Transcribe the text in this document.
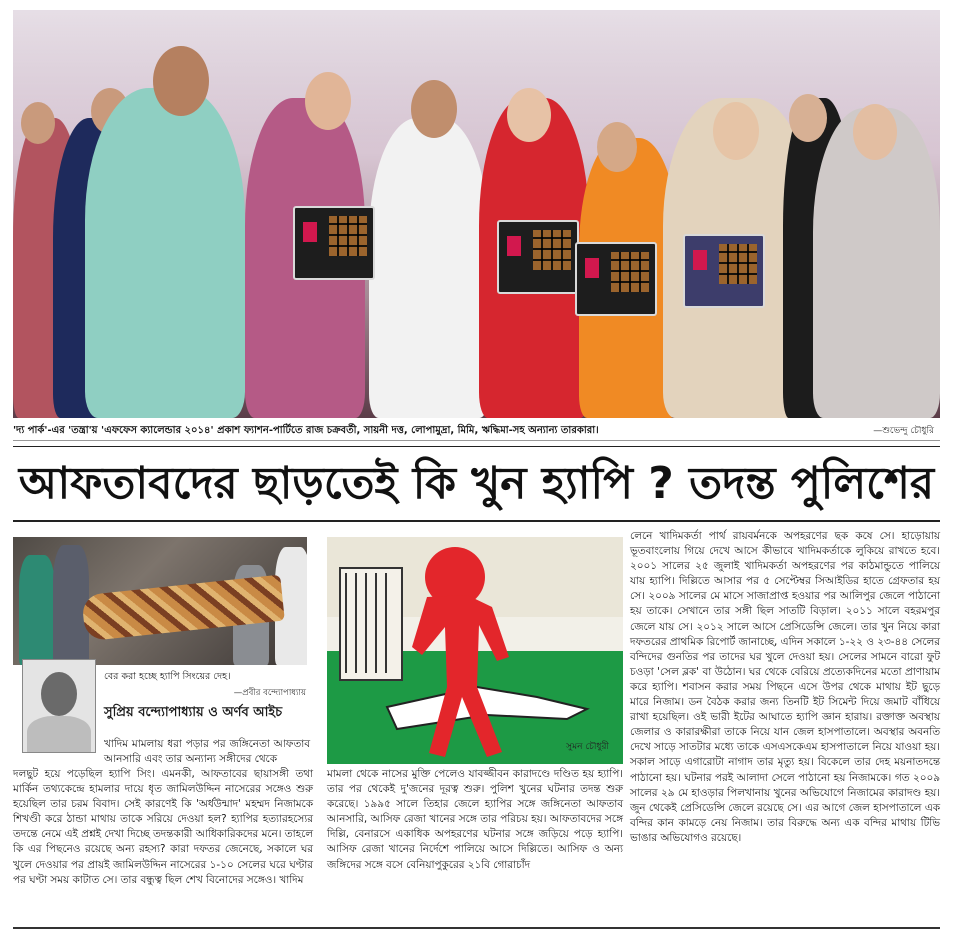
'দ্য পার্ক'-এর 'তন্ত্রা'য় 'এফফেস ক্যালেন্ডার ২০১৪' প্রকাশ ফ্যাশন-পার্টিতে রাজ চক্রবর্তী, সায়নী দত্ত, লোপামুদ্রা, মিমি, ঋদ্ধিমা-সহ অন্যান্য তারকারা।	—শুভেন্দু চৌধুরি
আফতাবদের ছাড়তেই কি খুন হ্যাপি ? তদন্ত পুলিশের
বের করা হচ্ছে হ্যাপি সিংয়ের দেহ।
—প্রবীর বন্দ্যোপাধ্যায়
সুপ্রিয় বন্দ্যোপাধ্যায় ও অর্ণব আইচ
খাদিম মামলায় ধরা পড়ার পর জঙ্গিনেতা আফতাব আনসারি এবং তার অন্যান্য সঙ্গীদের থেকে
দলছুট হয়ে পড়েছিল হ্যাপি সিং। এমনকী, আফতাবের ছায়াসঙ্গী তথা মার্কিন তথ্যকেন্দ্রে হামলার দায়ে ধৃত জামিলউদ্দিন নাসেরের সঙ্গেও শুরু হয়েছিল তার চরম বিবাদ। সেই কারণেই কি 'অর্ধউন্মাদ' মহম্মদ নিজামকে শিখণ্ডী করে ঠান্ডা মাথায় তাকে সরিয়ে দেওয়া হল? হ্যাপির হত্যারহস্যের তদন্তে নেমে এই প্রশ্নই দেখা দিচ্ছে তদন্তকারী আধিকারিকদের মনে। তাহলে কি এর পিছনেও রয়েছে অন্য রহস্য? কারা দফতর জেনেছে, সকালে ঘর খুলে দেওয়ার পর প্রায়ই জামিলউদ্দিন নাসেরের ১-১০ সেলের ঘরে ঘণ্টার পর ঘণ্টা সময় কাটাত সে। তার বন্ধুত্ব ছিল শেখ বিনোদের সঙ্গেও। খাদিম
সুমন চৌধুরী
মামলা থেকে নাসের মুক্তি পেলেও যাবজ্জীবন কারাদণ্ডে দণ্ডিত হয় হ্যাপি। তার পর থেকেই দু'জনের দূরত্ব শুরু। পুলিশ খুনের ঘটনার তদন্ত শুরু করেছে। ১৯৯৫ সালে তিহার জেলে হ্যাপির সঙ্গে জঙ্গিনেতা আফতাব আনসারি, আসিফ রেজা খানের সঙ্গে তার পরিচয় হয়। আফতাবদের সঙ্গে দিল্লি, বেনারসে একাধিক অপহরণের ঘটনার সঙ্গে জড়িয়ে পড়ে হ্যাপি। আসিফ রেজা খানের নির্দেশে পালিয়ে আসে দিল্লিতে। আসিফ ও অন্য জঙ্গিদের সঙ্গে বসে বেনিয়াপুকুরের ২১বি গোরাচাঁদ
লেনে খাদিমকর্তা পার্থ রায়বর্মনকে অপহরণের ছক কষে সে। হাড়োয়ায় ভূতবাংলোয় গিয়ে দেখে আসে কীভাবে খাদিমকর্তাকে লুকিয়ে রাখতে হবে। ২০০১ সালের ২৫ জুলাই খাদিমকর্তা অপহরণের পর কাঠমান্ডুতে পালিয়ে যায় হ্যাপি। দিল্লিতে আসার পর ৫ সেপ্টেম্বর সিআইডির হাতে গ্রেফতার হয় সে। ২০০৯ সালের মে মাসে সাজাপ্রাপ্ত হওয়ার পর আলিপুর জেলে পাঠানো হয় তাকে। সেখানে তার সঙ্গী ছিল সাতটি বিড়াল। ২০১১ সালে বহরমপুর জেলে যায় সে। ২০১২ সালে আসে প্রেসিডেন্সি জেলে। তার খুন নিয়ে কারা দফতরের প্রাথমিক রিপোর্ট জানাচ্ছে, এদিন সকালে ১-২২ ও ২৩-৪৪ সেলের বন্দিদের গুনতির পর তাদের ঘর খুলে দেওয়া হয়। সেলের সামনে বারো ফুট চওড়া 'সেল ব্লক' বা উঠোন। ঘর থেকে বেরিয়ে প্রত্যেকদিনের মতো প্রাণায়াম করে হ্যাপি। শবাসন করার সময় পিছনে এসে উপর থেকে মাথায় ইট ছুড়ে মারে নিজাম। ডন বৈঠক করার জন্য তিনটি ইট সিমেন্ট দিয়ে জমাট বাঁধিয়ে রাখা হয়েছিল। ওই ভারী ইটের আঘাতে হ্যাপি জ্ঞান হারায়। রক্তাক্ত অবস্থায় জেলার ও কারারক্ষীরা তাকে নিয়ে যান জেল হাসপাতালে। অবস্থার অবনতি দেখে সাড়ে সাতটার মধ্যে তাকে এসএসকেএম হাসপাতালে নিয়ে যাওয়া হয়। সকাল সাড়ে এগারোটা নাগাদ তার মৃত্যু হয়। বিকেলে তার দেহ ময়নাতদন্তে পাঠানো হয়। ঘটনার পরই আলাদা সেলে পাঠানো হয় নিজামকে। গত ২০০৯ সালের ২৯ মে হাওড়ার পিলখানায় খুনের অভিযোগে নিজামের কারাদণ্ড হয়। জুন থেকেই প্রেসিডেন্সি জেলে রয়েছে সে। এর আগে জেল হাসপাতালে এক বন্দির কান কামড়ে নেয় নিজাম। তার বিরুদ্ধে অন্য এক বন্দির মাথায় টিভি ভাঙার অভিযোগও রয়েছে।
